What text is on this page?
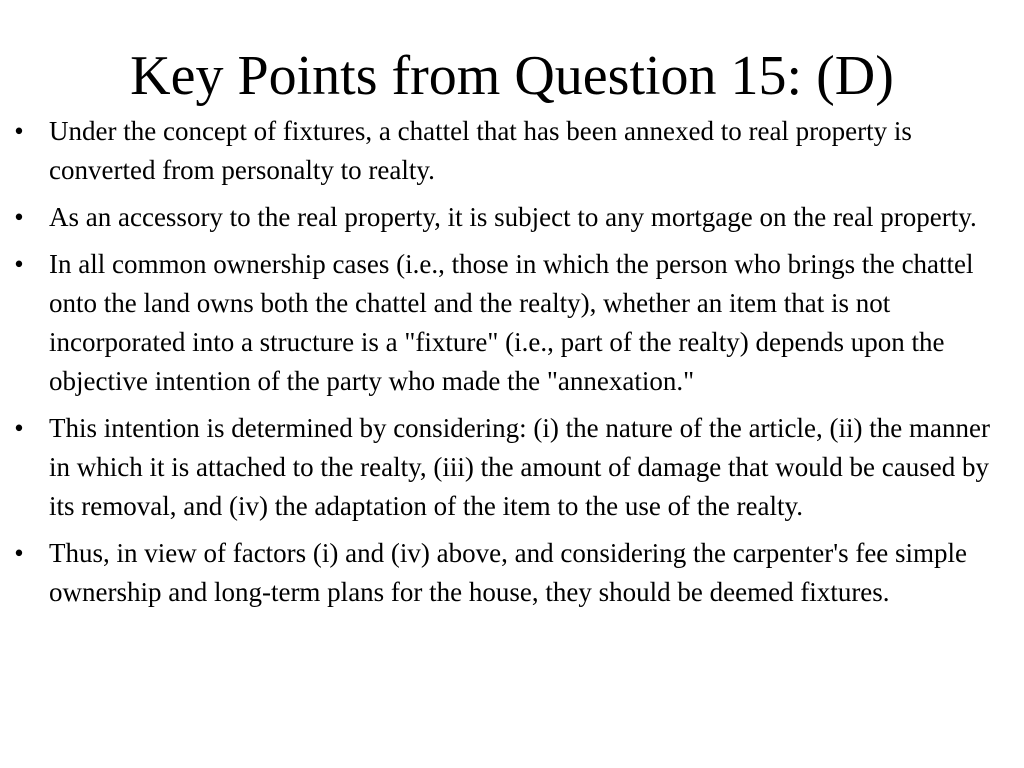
Key Points from Question 15: (D)
• Under the concept of fixtures, a chattel that has been annexed to real property is converted from personalty to realty.
• As an accessory to the real property, it is subject to any mortgage on the real property.
• In all common ownership cases (i.e., those in which the person who brings the chattel onto the land owns both the chattel and the realty), whether an item that is not incorporated into a structure is a "fixture" (i.e., part of the realty) depends upon the objective intention of the party who made the "annexation."
• This intention is determined by considering: (i) the nature of the article, (ii) the manner in which it is attached to the realty, (iii) the amount of damage that would be caused by its removal, and (iv) the adaptation of the item to the use of the realty.
• Thus, in view of factors (i) and (iv) above, and considering the carpenter's fee simple ownership and long-term plans for the house, they should be deemed fixtures.
